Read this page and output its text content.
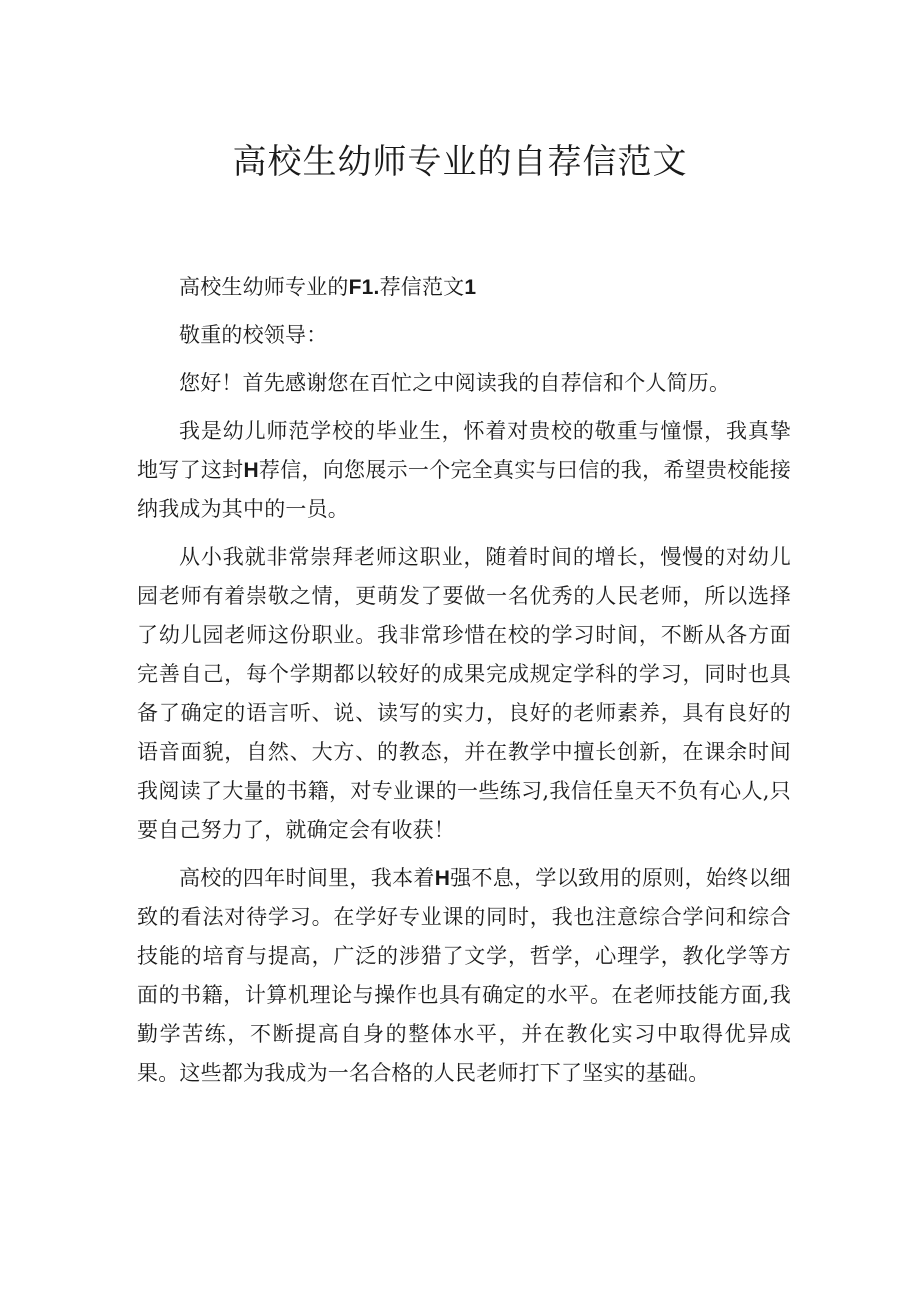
高校生幼师专业的自荐信范文

高校生幼师专业的F1.荐信范文1

敬重的校领导：

您好！首先感谢您在百忙之中阅读我的自荐信和个人简历。

我是幼儿师范学校的毕业生，怀着对贵校的敬重与憧憬，我真挚地写了这封H荐信，向您展示一个完全真实与曰信的我，希望贵校能接纳我成为其中的一员。

从小我就非常崇拜老师这职业，随着时间的增长，慢慢的对幼儿园老师有着崇敬之情，更萌发了要做一名优秀的人民老师，所以选择了幼儿园老师这份职业。我非常珍惜在校的学习时间，不断从各方面完善自己，每个学期都以较好的成果完成规定学科的学习，同时也具备了确定的语言听、说、读写的实力，良好的老师素养，具有良好的语音面貌，自然、大方、的教态，并在教学中擅长创新，在课余时间我阅读了大量的书籍，对专业课的一些练习,我信任皇天不负有心人,只要自己努力了，就确定会有收获！

高校的四年时间里，我本着H强不息，学以致用的原则，始终以细致的看法对待学习。在学好专业课的同时，我也注意综合学问和综合技能的培育与提高，广泛的涉猎了文学，哲学，心理学，教化学等方面的书籍，计算机理论与操作也具有确定的水平。在老师技能方面,我勤学苦练，不断提高自身的整体水平，并在教化实习中取得优异成果。这些都为我成为一名合格的人民老师打下了坚实的基础。
